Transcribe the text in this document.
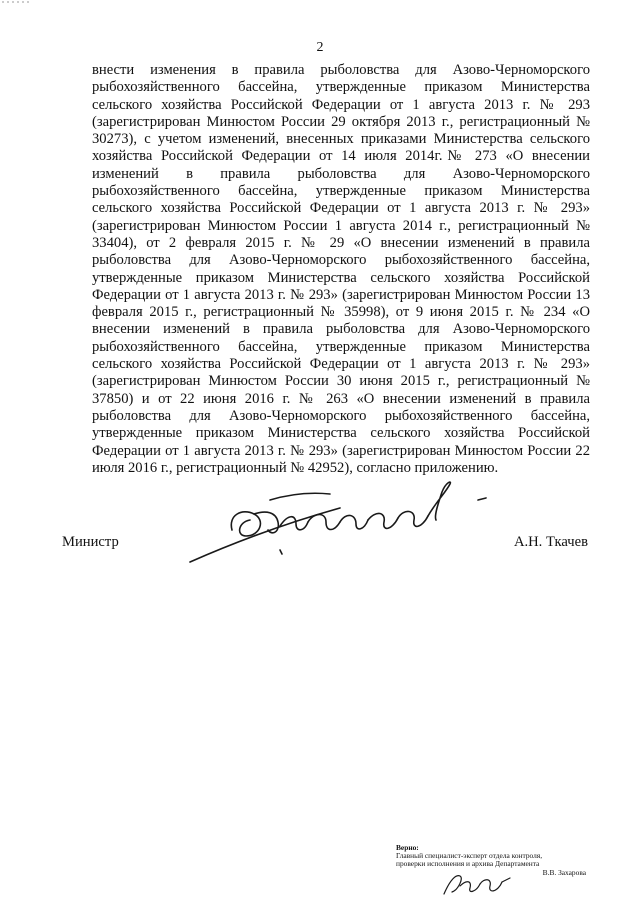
2

внести изменения в правила рыболовства для Азово-Черноморского рыбохозяйственного бассейна, утвержденные приказом Министерства сельского хозяйства Российской Федерации от 1 августа 2013 г. № 293 (зарегистрирован Минюстом России 29 октября 2013 г., регистрационный № 30273), с учетом изменений, внесенных приказами Министерства сельского хозяйства Российской Федерации от 14 июля 2014г.№ 273 «О внесении изменений в правила рыболовства для Азово-Черноморского рыбохозяйственного бассейна, утвержденные приказом Министерства сельского хозяйства Российской Федерации от 1 августа 2013 г. № 293» (зарегистрирован Минюстом России 1 августа 2014 г., регистрационный № 33404), от 2 февраля 2015 г. № 29 «О внесении изменений в правила рыболовства для Азово-Черноморского рыбохозяйственного бассейна, утвержденные приказом Министерства сельского хозяйства Российской Федерации от 1 августа 2013 г. № 293» (зарегистрирован Минюстом России 13 февраля 2015 г., регистрационный № 35998), от 9 июня 2015 г. № 234 «О внесении изменений в правила рыболовства для Азово-Черноморского рыбохозяйственного бассейна, утвержденные приказом Министерства сельского хозяйства Российской Федерации от 1 августа 2013 г. № 293» (зарегистрирован Минюстом России 30 июня 2015 г., регистрационный № 37850) и от 22 июня 2016 г. № 263 «О внесении изменений в правила рыболовства для Азово-Черноморского рыбохозяйственного бассейна, утвержденные приказом Министерства сельского хозяйства Российской Федерации от 1 августа 2013 г. № 293» (зарегистрирован Минюстом России 22 июля 2016 г., регистрационный № 42952), согласно приложению.

Министр	А.Н. Ткачев
Верно:
Главный специалист-эксперт отдела контроля,
проверки исполнения и архива Департамента
В.В. Захарова
